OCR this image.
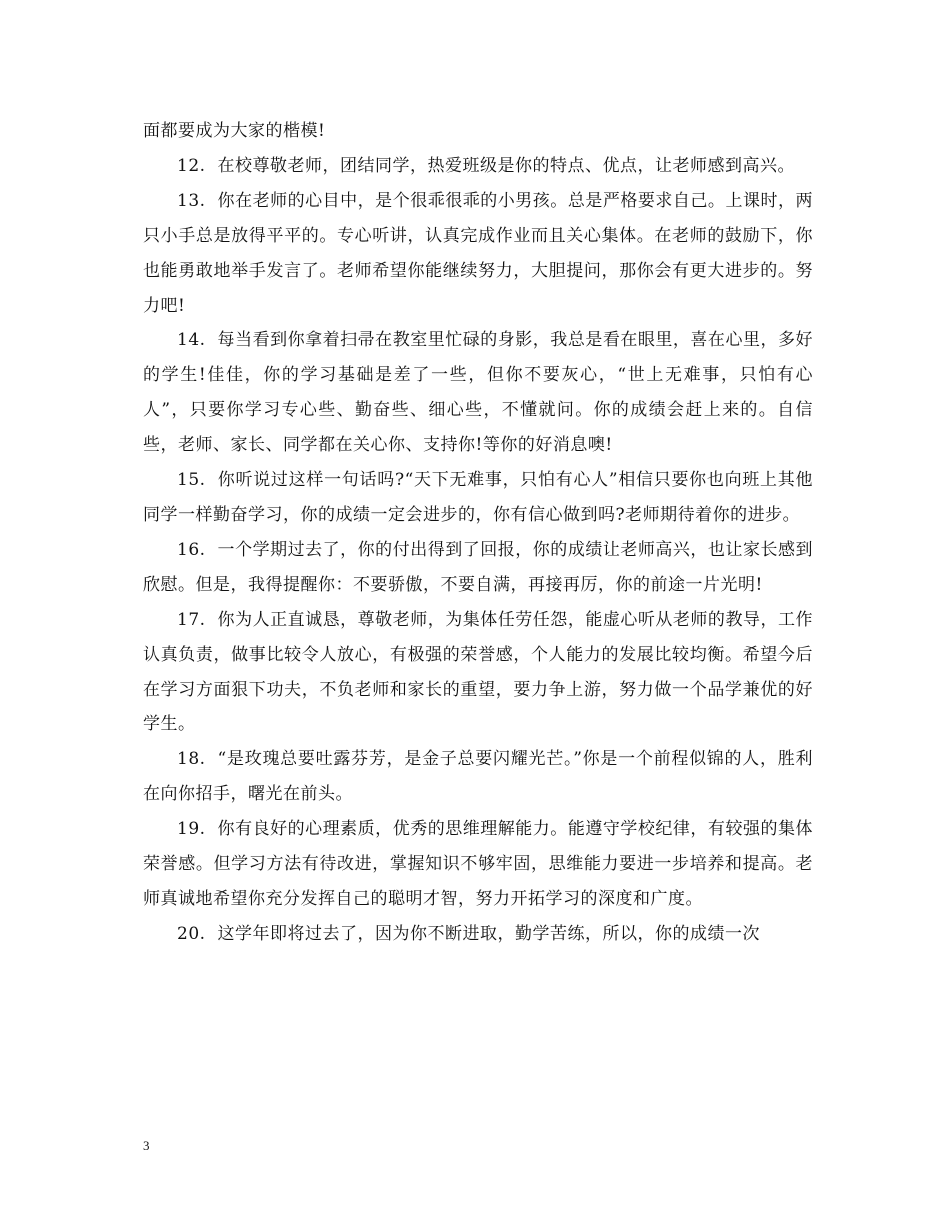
面都要成为大家的楷模!

12. 在校尊敬老师，团结同学，热爱班级是你的特点、优点，让老师感到高兴。

13. 你在老师的心目中，是个很乖很乖的小男孩。总是严格要求自己。上课时，两只小手总是放得平平的。专心听讲，认真完成作业而且关心集体。在老师的鼓励下，你也能勇敢地举手发言了。老师希望你能继续努力，大胆提问，那你会有更大进步的。努力吧!

14. 每当看到你拿着扫帚在教室里忙碌的身影，我总是看在眼里，喜在心里，多好的学生!佳佳，你的学习基础是差了一些，但你不要灰心，“世上无难事，只怕有心人”，只要你学习专心些、勤奋些、细心些，不懂就问。你的成绩会赶上来的。自信些，老师、家长、同学都在关心你、支持你!等你的好消息噢!

15. 你听说过这样一句话吗?“天下无难事，只怕有心人”相信只要你也向班上其他同学一样勤奋学习，你的成绩一定会进步的，你有信心做到吗?老师期待着你的进步。

16. 一个学期过去了，你的付出得到了回报，你的成绩让老师高兴，也让家长感到欣慰。但是，我得提醒你：不要骄傲，不要自满，再接再厉，你的前途一片光明!

17. 你为人正直诚恳，尊敬老师，为集体任劳任怨，能虚心听从老师的教导，工作认真负责，做事比较令人放心，有极强的荣誉感，个人能力的发展比较均衡。希望今后在学习方面狠下功夫，不负老师和家长的重望，要力争上游，努力做一个品学兼优的好学生。

18. “是玫瑰总要吐露芬芳，是金子总要闪耀光芒。”你是一个前程似锦的人，胜利在向你招手，曙光在前头。

19. 你有良好的心理素质，优秀的思维理解能力。能遵守学校纪律，有较强的集体荣誉感。但学习方法有待改进，掌握知识不够牢固，思维能力要进一步培养和提高。老师真诚地希望你充分发挥自己的聪明才智，努力开拓学习的深度和广度。

20. 这学年即将过去了，因为你不断进取，勤学苦练，所以，你的成绩一次

3
